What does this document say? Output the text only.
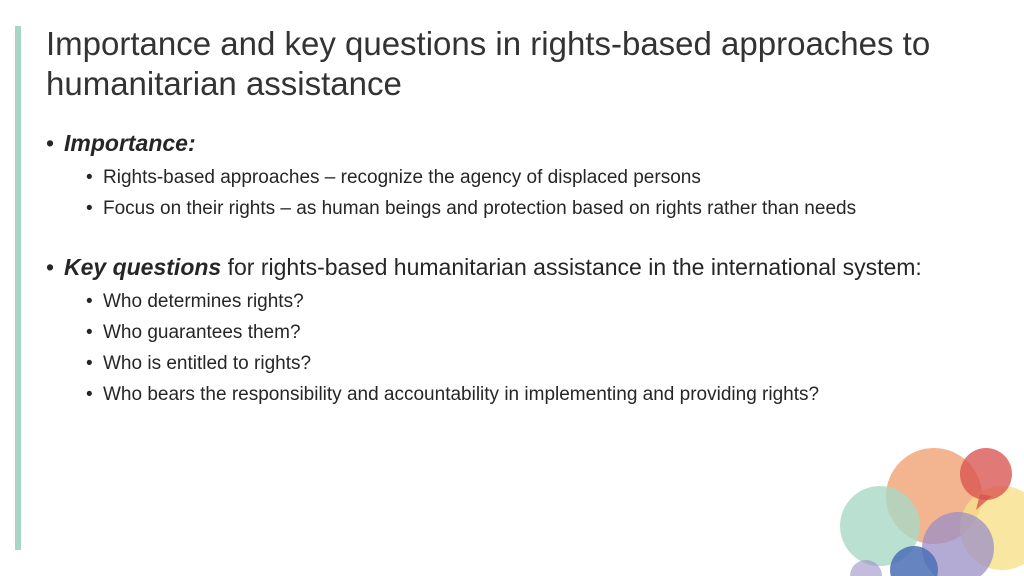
Importance and key questions in rights-based approaches to humanitarian assistance
• Importance:
• Rights-based approaches – recognize the agency of displaced persons
• Focus on their rights – as human beings and protection based on rights rather than needs
• Key questions for rights-based humanitarian assistance in the international system:
• Who determines rights?
• Who guarantees them?
• Who is entitled to rights?
• Who bears the responsibility and accountability in implementing and providing rights?
